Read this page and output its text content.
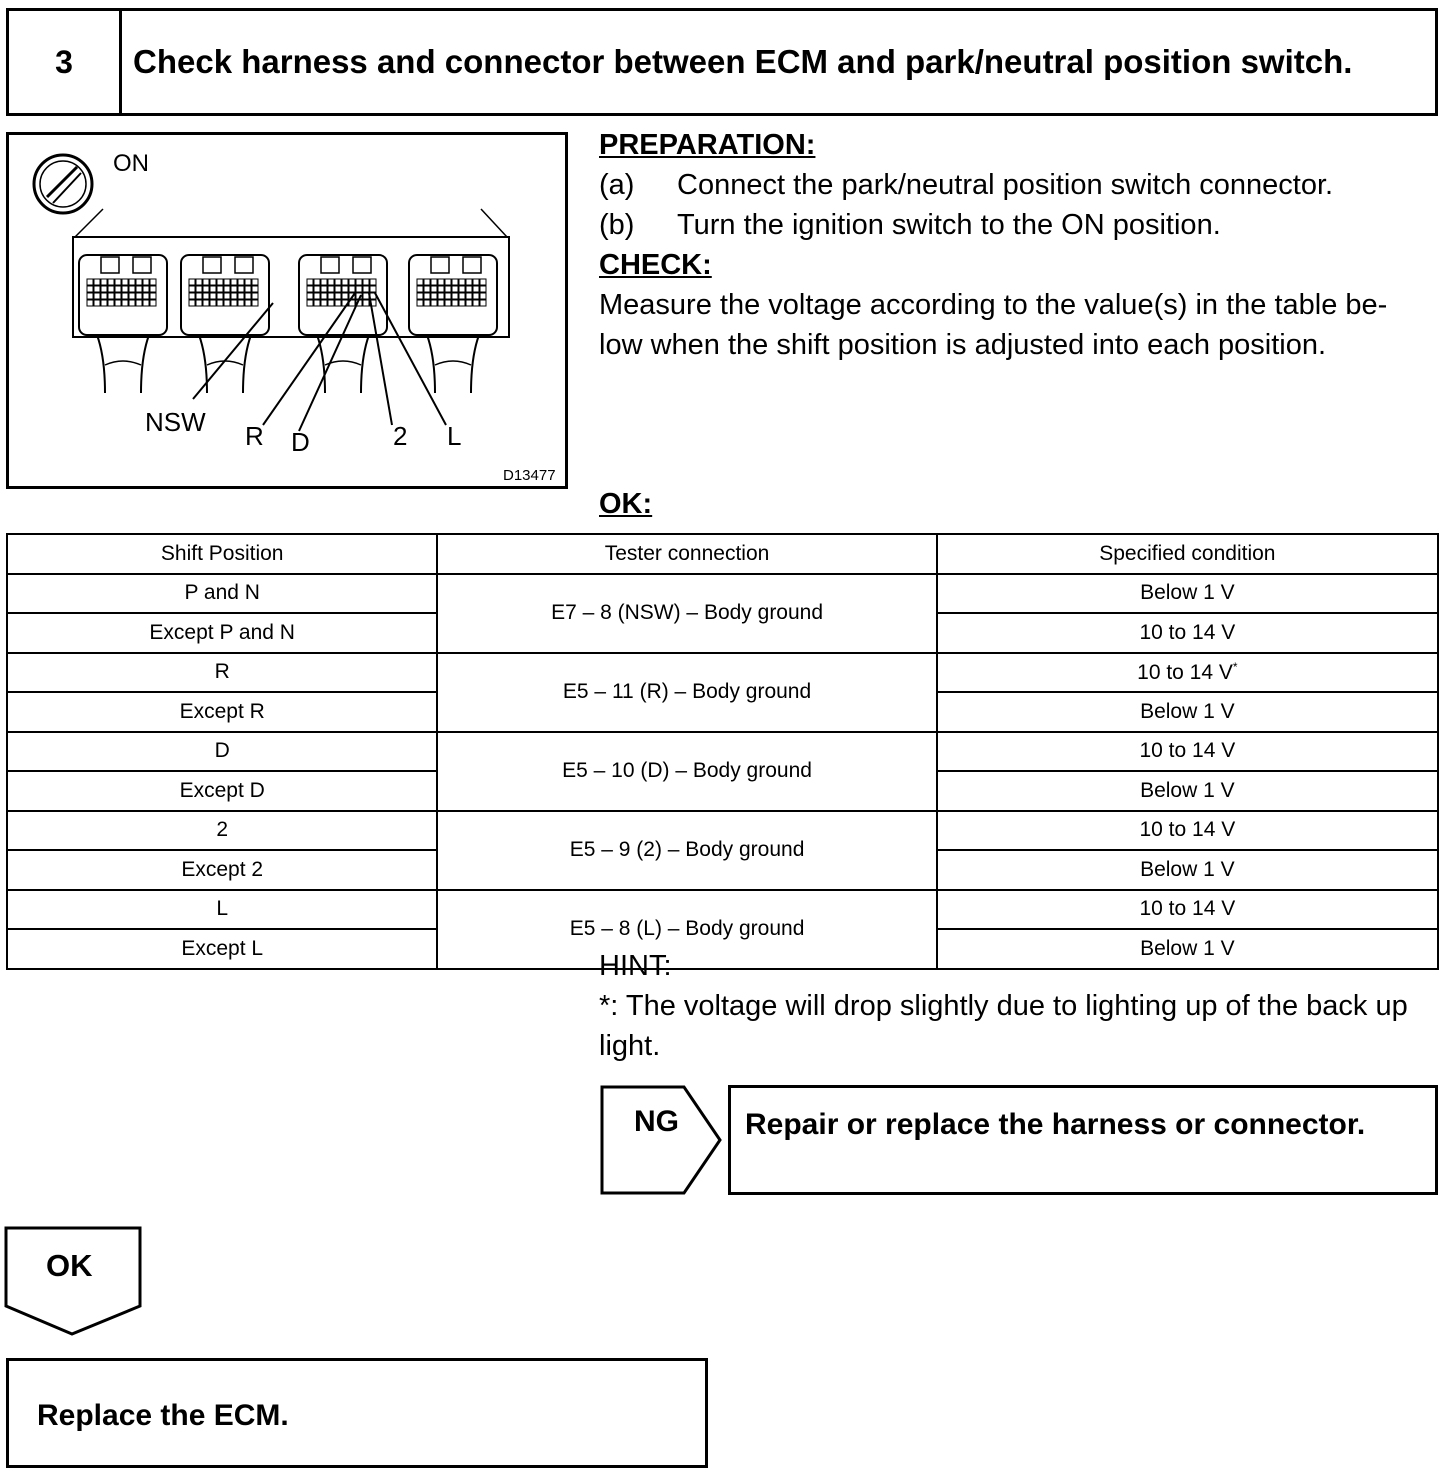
3	Check harness and connector between ECM and park/neutral position switch.
ON
NSW R D	2 L
D13477
PREPARATION:
(a) Connect the park/neutral position switch connector.
(b) Turn the ignition switch to the ON position.
CHECK:
Measure the voltage according to the value(s) in the table be-
low when the shift position is adjusted into each position.
OK:
Shift Position	Tester connection	Specified condition
P and N	E7 – 8 (NSW) – Body ground	Below 1 V
Except P and N		10 to 14 V
R	E5 – 11 (R) – Body ground	10 to 14 V*
Except R		Below 1 V
D	E5 – 10 (D) – Body ground	10 to 14 V
Except D		Below 1 V
2	E5 – 9 (2) – Body ground	10 to 14 V
Except 2		Below 1 V
L	E5 – 8 (L) – Body ground	10 to 14 V
Except L		Below 1 V
HINT:
*: The voltage will drop slightly due to lighting up of the back up
light.
NG	Repair or replace the harness or connector.
OK
Replace the ECM.
